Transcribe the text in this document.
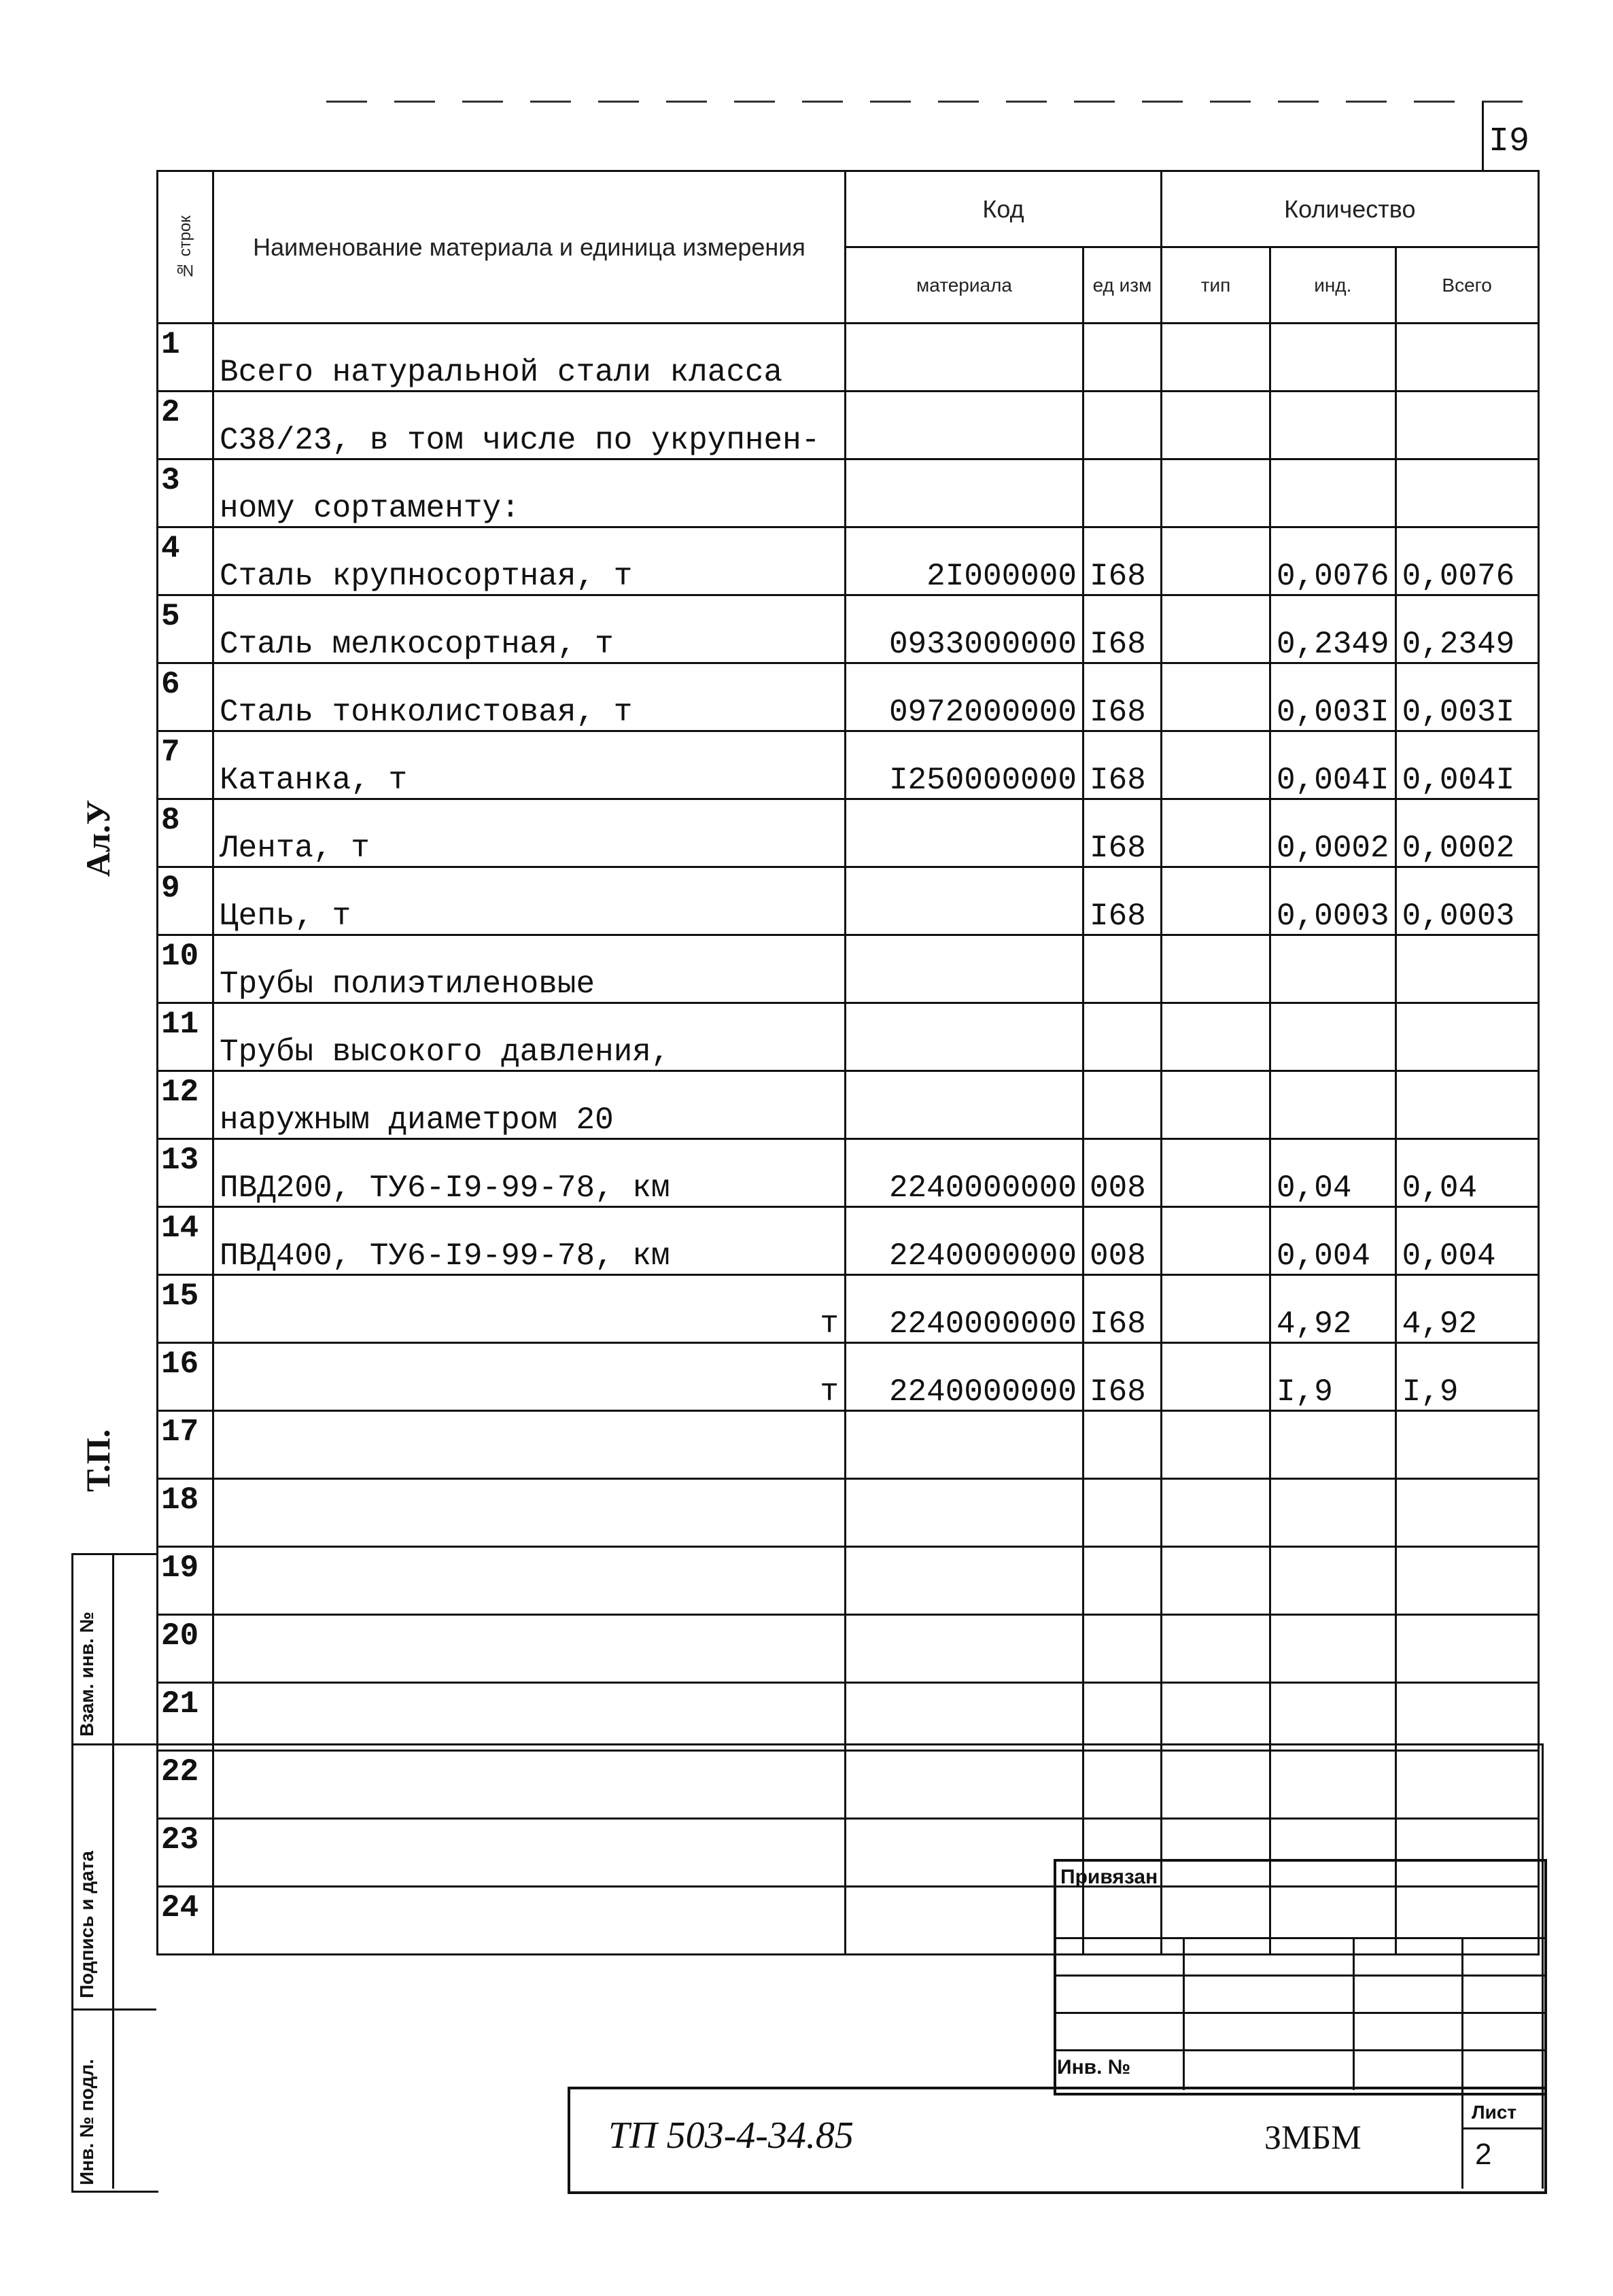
I9
Ал.У
Т.П.
№ строк	Наименование материала и единица измерения	Код		Количество		
		материала	ед изм	тип	инд.	Всего
1	Всего натуральной стали класса					
2	С38/23, в том числе по укрупнен-					
3	ному сортаменту:					
4	Сталь крупносортная, т	2I000000	I68		0,0076	0,0076
5	Сталь мелкосортная, т	0933000000	I68		0,2349	0,2349
6	Сталь тонколистовая, т	0972000000	I68		0,003I	0,003I
7	Катанка, т	I250000000	I68		0,004I	0,004I
8	Лента, т		I68		0,0002	0,0002
9	Цепь, т		I68		0,0003	0,0003
10	Трубы полиэтиленовые					
11	Трубы высокого давления,					
12	наружным диаметром 20					
13	ПВД200, ТУ6-I9-99-78, км	2240000000	008		0,04	0,04
14	ПВД400, ТУ6-I9-99-78, км	2240000000	008		0,004	0,004
15	т	2240000000	I68		4,92	4,92
16	т	2240000000	I68		I,9	I,9
17						
18						
19						
20						
21						
22						
23						
24						
Взам. инв. №
Подпись и дата
Инв. № подл.
Привязан
Инв. №
ТП 503-4-34.85	ЗМБМ
Лист
2
